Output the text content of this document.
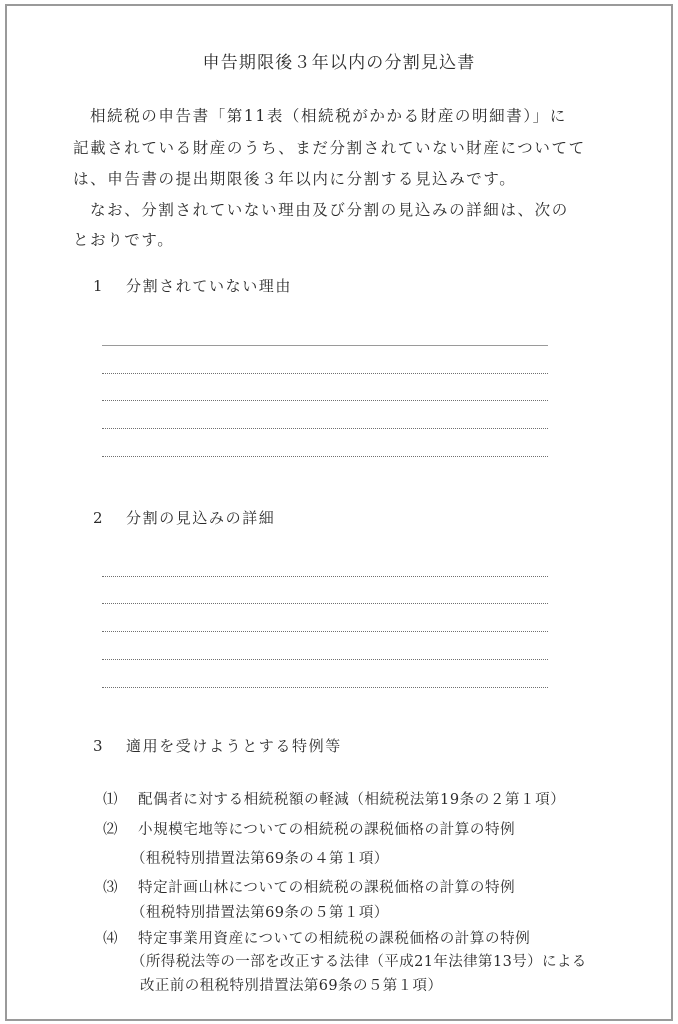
申告期限後３年以内の分割見込書
相続税の申告書「第11表（相続税がかかる財産の明細書）」に
記載されている財産のうち、まだ分割されていない財産についてて
は、申告書の提出期限後３年以内に分割する見込みです。
なお、分割されていない理由及び分割の見込みの詳細は、次の
とおりです。
1 分割されていない理由
2 分割の見込みの詳細
3 適用を受けようとする特例等
⑴ 配偶者に対する相続税額の軽減（相続税法第19条の２第１項）
⑵ 小規模宅地等についての相続税の課税価格の計算の特例
（租税特別措置法第69条の４第１項）
⑶ 特定計画山林についての相続税の課税価格の計算の特例
（租税特別措置法第69条の５第１項）
⑷ 特定事業用資産についての相続税の課税価格の計算の特例
（所得税法等の一部を改正する法律（平成21年法律第13号）による
改正前の租税特別措置法第69条の５第１項）
